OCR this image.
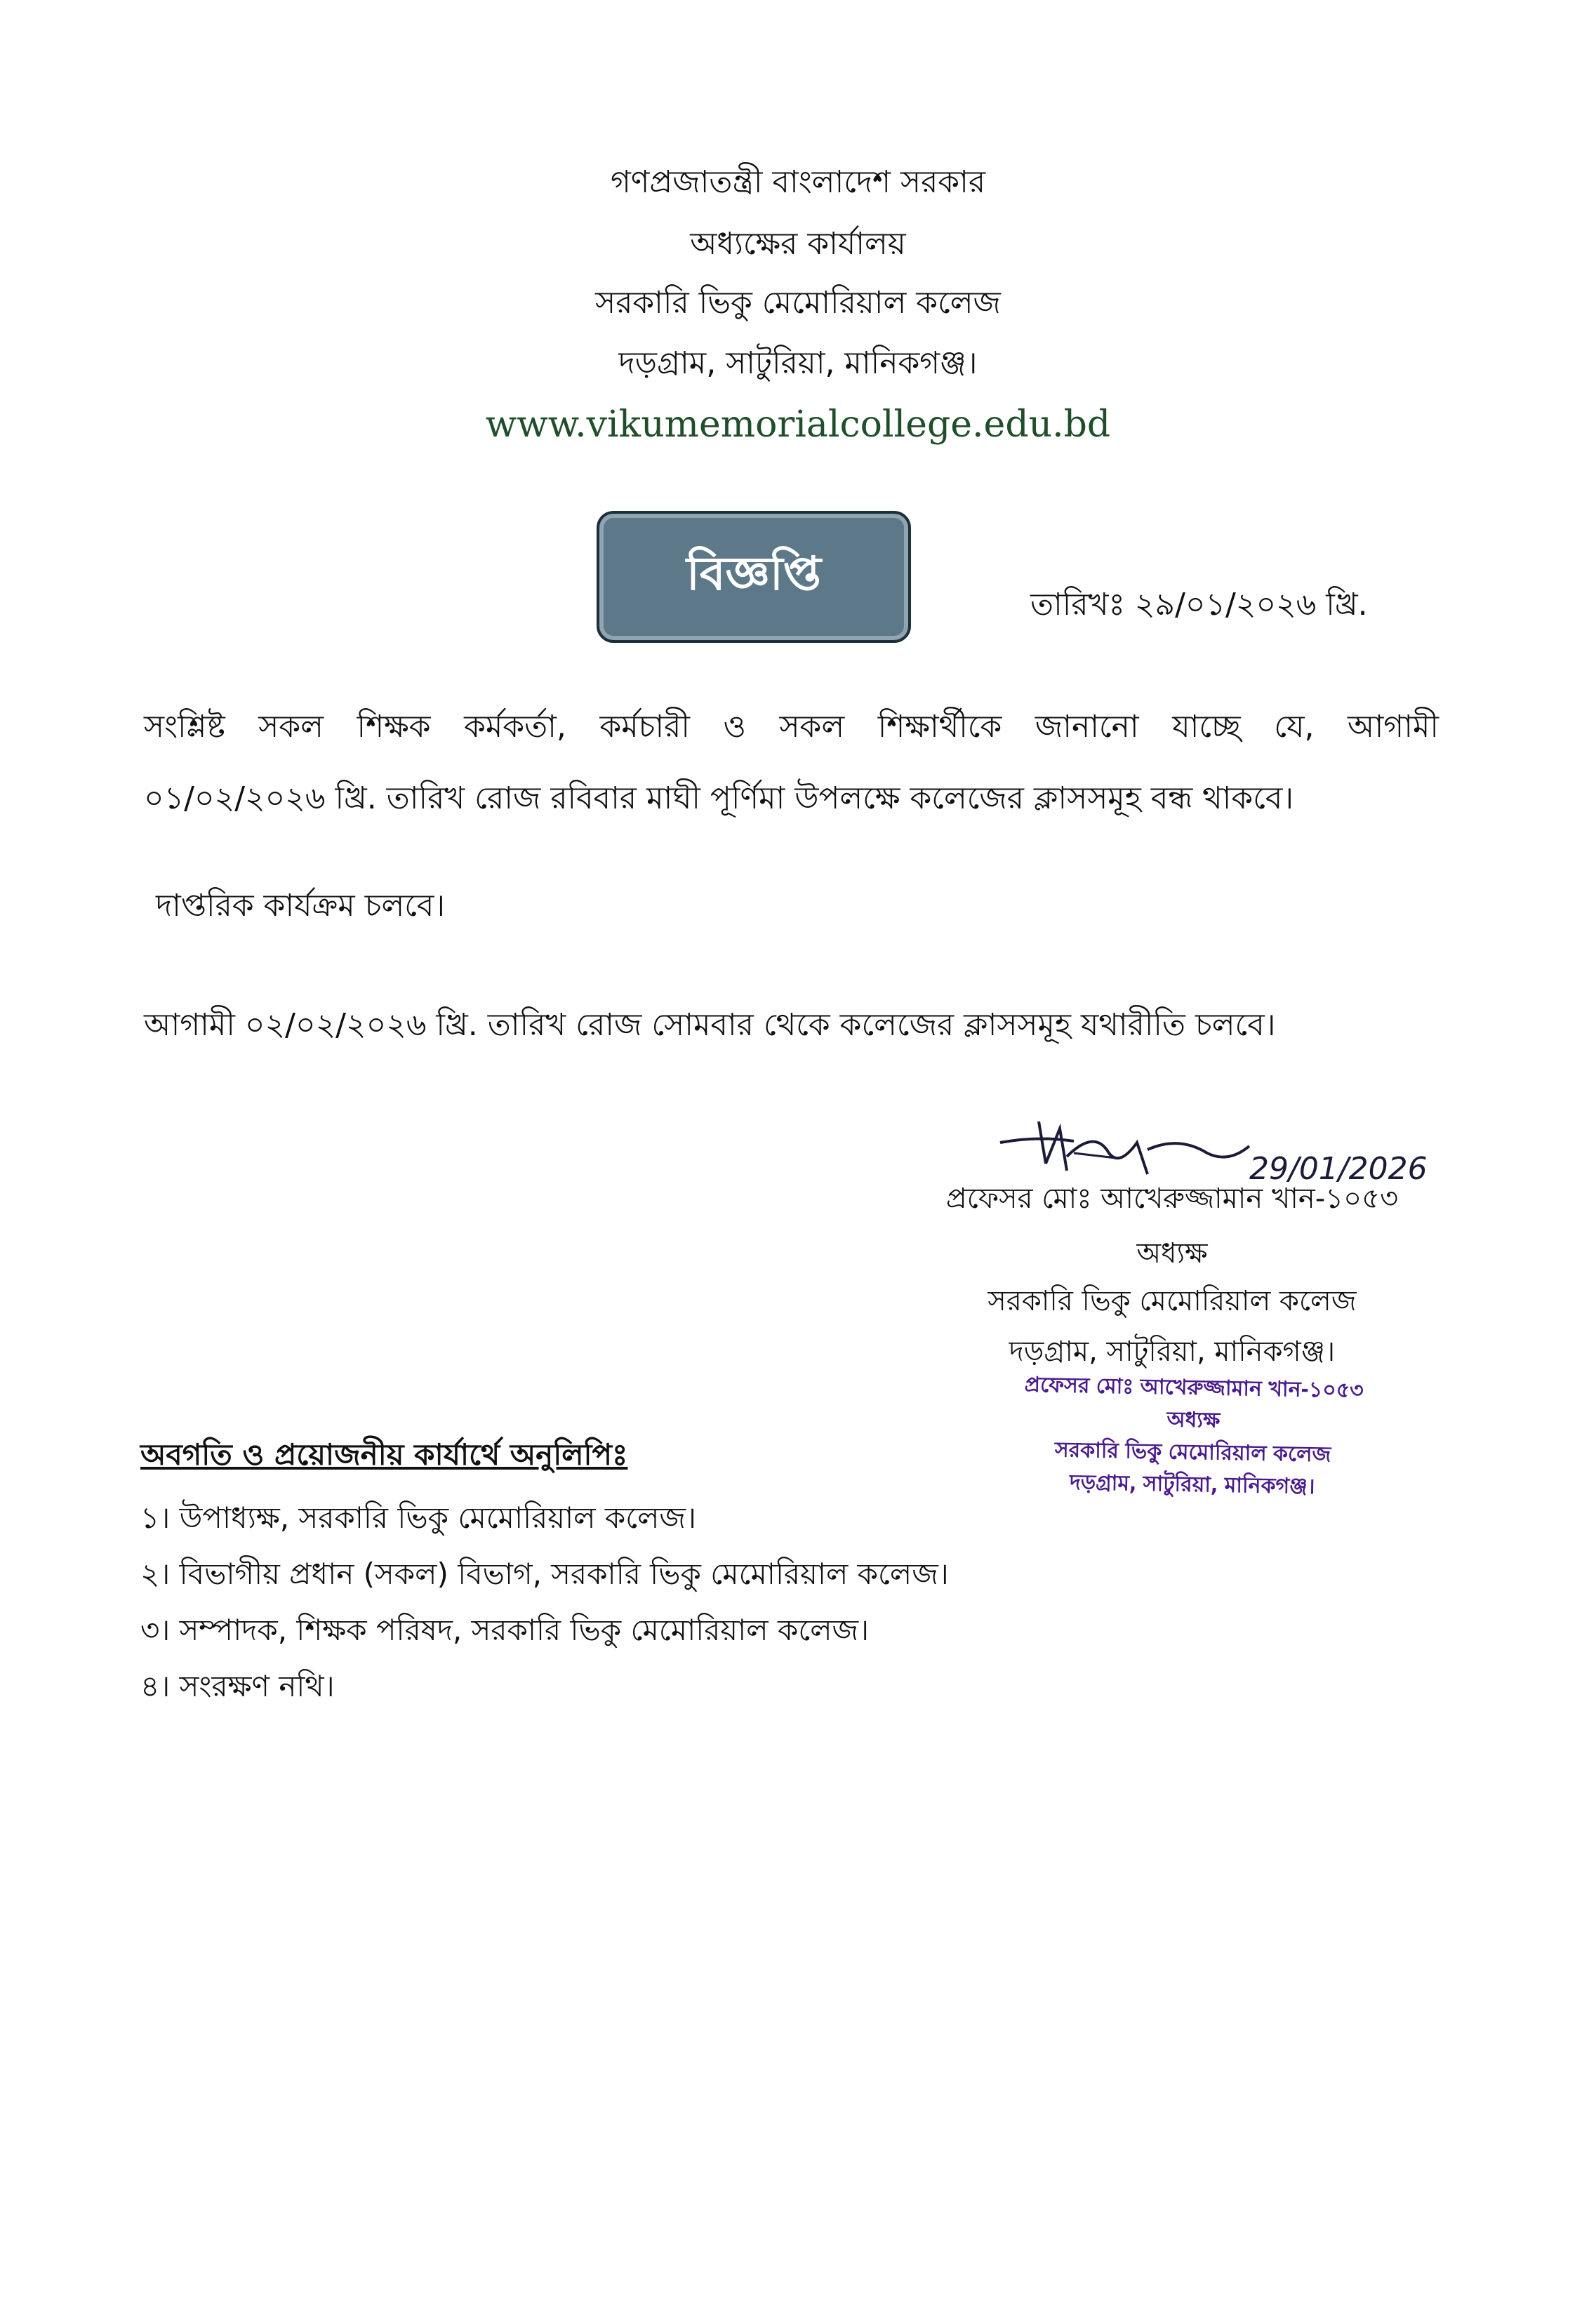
গণপ্রজাতন্ত্রী বাংলাদেশ সরকার
অধ্যক্ষের কার্যালয়
সরকারি ভিকু মেমোরিয়াল কলেজ
দড়গ্রাম, সাটুরিয়া, মানিকগঞ্জ।
www.vikumemorialcollege.edu.bd
বিজ্ঞপ্তি
তারিখঃ ২৯/০১/২০২৬ খ্রি.
সংশ্লিষ্ট সকল শিক্ষক কর্মকর্তা, কর্মচারী ও সকল শিক্ষার্থীকে জানানো যাচ্ছে যে, আগামী
০১/০২/২০২৬ খ্রি. তারিখ রোজ রবিবার মাঘী পূর্ণিমা উপলক্ষে কলেজের ক্লাসসমূহ বন্ধ থাকবে।
দাপ্তরিক কার্যক্রম চলবে।
আগামী ০২/০২/২০২৬ খ্রি. তারিখ রোজ সোমবার থেকে কলেজের ক্লাসসমূহ যথারীতি চলবে।
29/01/2026
প্রফেসর মোঃ আখেরুজ্জামান খান-১০৫৩
অধ্যক্ষ
সরকারি ভিকু মেমোরিয়াল কলেজ
দড়গ্রাম, সাটুরিয়া, মানিকগঞ্জ।
প্রফেসর মোঃ আখেরুজ্জামান খান-১০৫৩
অধ্যক্ষ
সরকারি ভিকু মেমোরিয়াল কলেজ
দড়গ্রাম, সাটুরিয়া, মানিকগঞ্জ।
অবগতি ও প্রয়োজনীয় কার্যার্থে অনুলিপিঃ
১। উপাধ্যক্ষ, সরকারি ভিকু মেমোরিয়াল কলেজ।
২। বিভাগীয় প্রধান (সকল) বিভাগ, সরকারি ভিকু মেমোরিয়াল কলেজ।
৩। সম্পাদক, শিক্ষক পরিষদ, সরকারি ভিকু মেমোরিয়াল কলেজ।
৪। সংরক্ষণ নথি।
